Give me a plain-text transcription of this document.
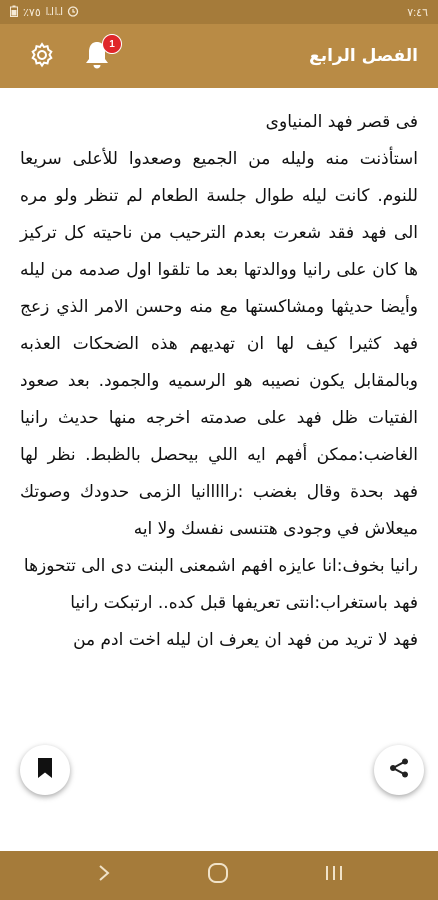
٪٧٥ l..l l..l	٧:٤٦
1
الفصل الرابع

فى قصر فهد المنياوى
استأذنت منه وليله من الجميع وصعدوا للأعلى سريعا للنوم. كانت ليله طوال جلسة الطعام لم تنظر ولو مره الى فهد فقد شعرت بعدم الترحيب من ناحيته كل تركيز ها كان على رانيا ووالدتها بعد ما تلقوا اول صدمه من ليله وأيضا حديثها ومشاكستها مع منه وحسن الامر الذي زعج فهد كثيرا كيف لها ان تهديهم هذه الضحكات العذبه وبالمقابل يكون نصيبه هو الرسميه والجمود. بعد صعود الفتيات ظل فهد على صدمته اخرجه منها حديث رانيا الغاضب:ممكن أفهم ايه اللي بيحصل بالظبط. نظر لها فهد بحدة وقال بغضب :رااااانيا الزمى حدودك وصوتك ميعلاش في وجودى هتنسى نفسك ولا ايه
رانيا بخوف:انا عايزه افهم اشمعنى البنت دى الى تتحوزها
فهد باستغراب:انتى تعريفها قبل كده.. ارتبكت رانيا
فهد لا تريد من فهد ان يعرف ان ليله اخت ادم من
